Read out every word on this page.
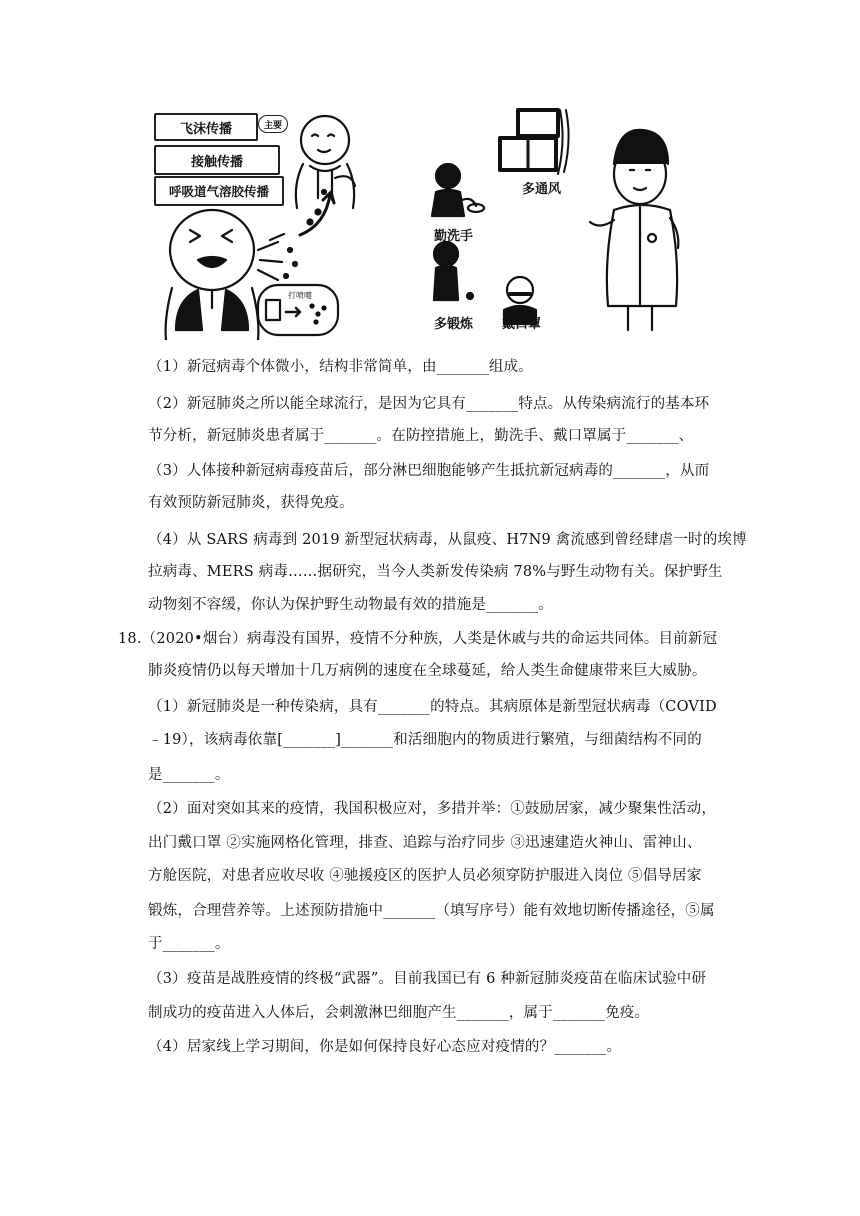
飞沫传播	主要
接触传播
呼吸道气溶胶传播
打喷嚏
多通风
勤洗手
多锻炼 戴口罩
（1）新冠病毒个体微小，结构非常简单，由_______组成。
（2）新冠肺炎之所以能全球流行，是因为它具有_______特点。从传染病流行的基本环
节分析，新冠肺炎患者属于_______。在防控措施上，勤洗手、戴口罩属于_______、
（3）人体接种新冠病毒疫苗后，部分淋巴细胞能够产生抵抗新冠病毒的_______，从而
有效预防新冠肺炎，获得免疫。
（4）从 SARS 病毒到 2019 新型冠状病毒，从鼠疫、H7N9 禽流感到曾经肆虐一时的埃博
拉病毒、MERS 病毒……据研究，当今人类新发传染病 78%与野生动物有关。保护野生
动物刻不容缓，你认为保护野生动物最有效的措施是_______。
18.（2020•烟台）病毒没有国界，疫情不分种族，人类是休戚与共的命运共同体。目前新冠
肺炎疫情仍以每天增加十几万病例的速度在全球蔓延，给人类生命健康带来巨大威胁。
（1）新冠肺炎是一种传染病，具有_______的特点。其病原体是新型冠状病毒（COVID
﹣19），该病毒依靠[_______]_______和活细胞内的物质进行繁殖，与细菌结构不同的
是_______。
（2）面对突如其来的疫情，我国积极应对，多措并举：①鼓励居家，减少聚集性活动，
出门戴口罩 ②实施网格化管理，排查、追踪与治疗同步 ③迅速建造火神山、雷神山、
方舱医院，对患者应收尽收 ④驰援疫区的医护人员必须穿防护服进入岗位 ⑤倡导居家
锻炼，合理营养等。上述预防措施中_______（填写序号）能有效地切断传播途径，⑤属
于_______。
（3）疫苗是战胜疫情的终极“武器”。目前我国已有 6 种新冠肺炎疫苗在临床试验中研
制成功的疫苗进入人体后，会刺激淋巴细胞产生_______，属于_______免疫。
（4）居家线上学习期间，你是如何保持良好心态应对疫情的？_______。
